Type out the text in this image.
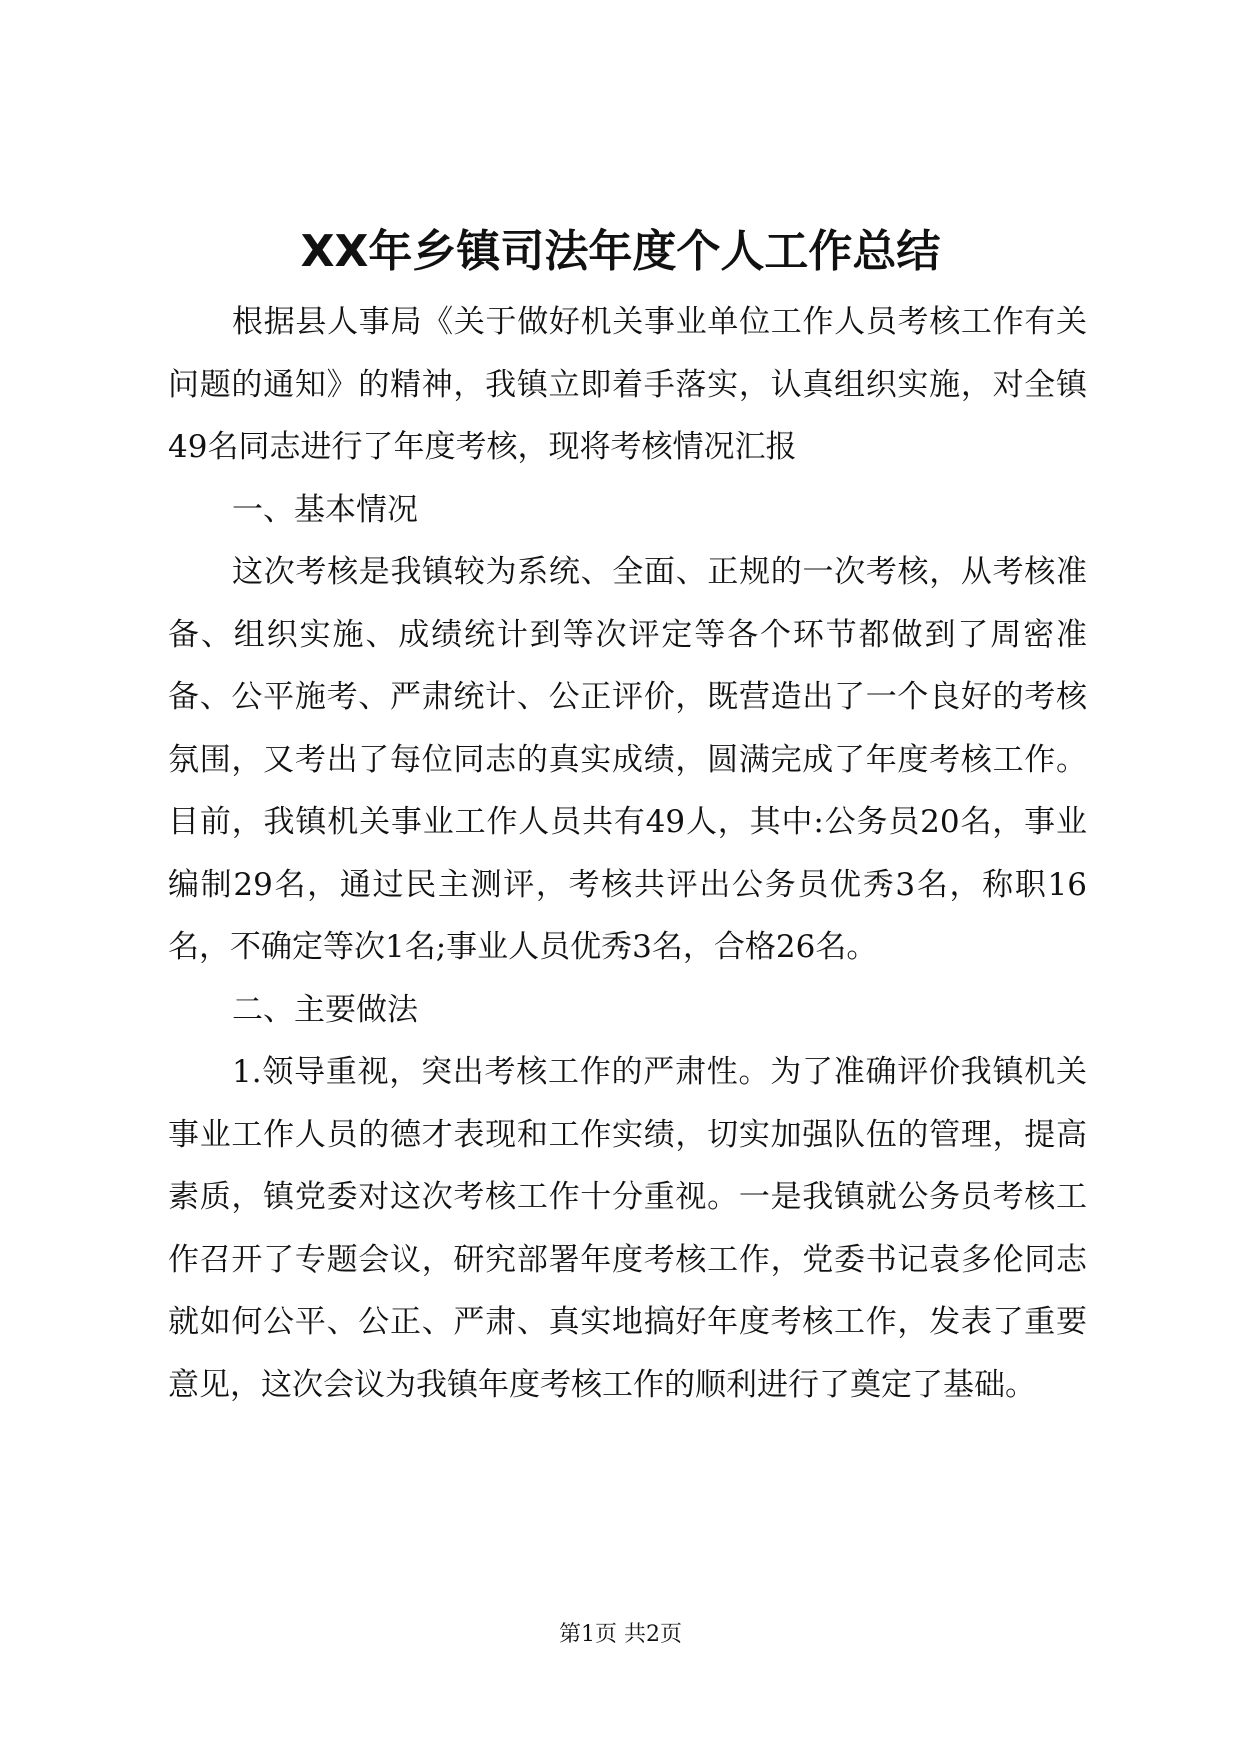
XX年乡镇司法年度个人工作总结

根据县人事局《关于做好机关事业单位工作人员考核工作有关问题的通知》的精神，我镇立即着手落实，认真组织实施，对全镇49名同志进行了年度考核，现将考核情况汇报

一、基本情况

这次考核是我镇较为系统、全面、正规的一次考核，从考核准备、组织实施、成绩统计到等次评定等各个环节都做到了周密准备、公平施考、严肃统计、公正评价，既营造出了一个良好的考核氛围，又考出了每位同志的真实成绩，圆满完成了年度考核工作。目前，我镇机关事业工作人员共有49人，其中:公务员20名，事业编制29名，通过民主测评，考核共评出公务员优秀3名，称职16名，不确定等次1名;事业人员优秀3名，合格26名。

二、主要做法

1.领导重视，突出考核工作的严肃性。为了准确评价我镇机关事业工作人员的德才表现和工作实绩，切实加强队伍的管理，提高素质，镇党委对这次考核工作十分重视。一是我镇就公务员考核工作召开了专题会议，研究部署年度考核工作，党委书记袁多伦同志就如何公平、公正、严肃、真实地搞好年度考核工作，发表了重要意见，这次会议为我镇年度考核工作的顺利进行了奠定了基础。

第1页 共2页
